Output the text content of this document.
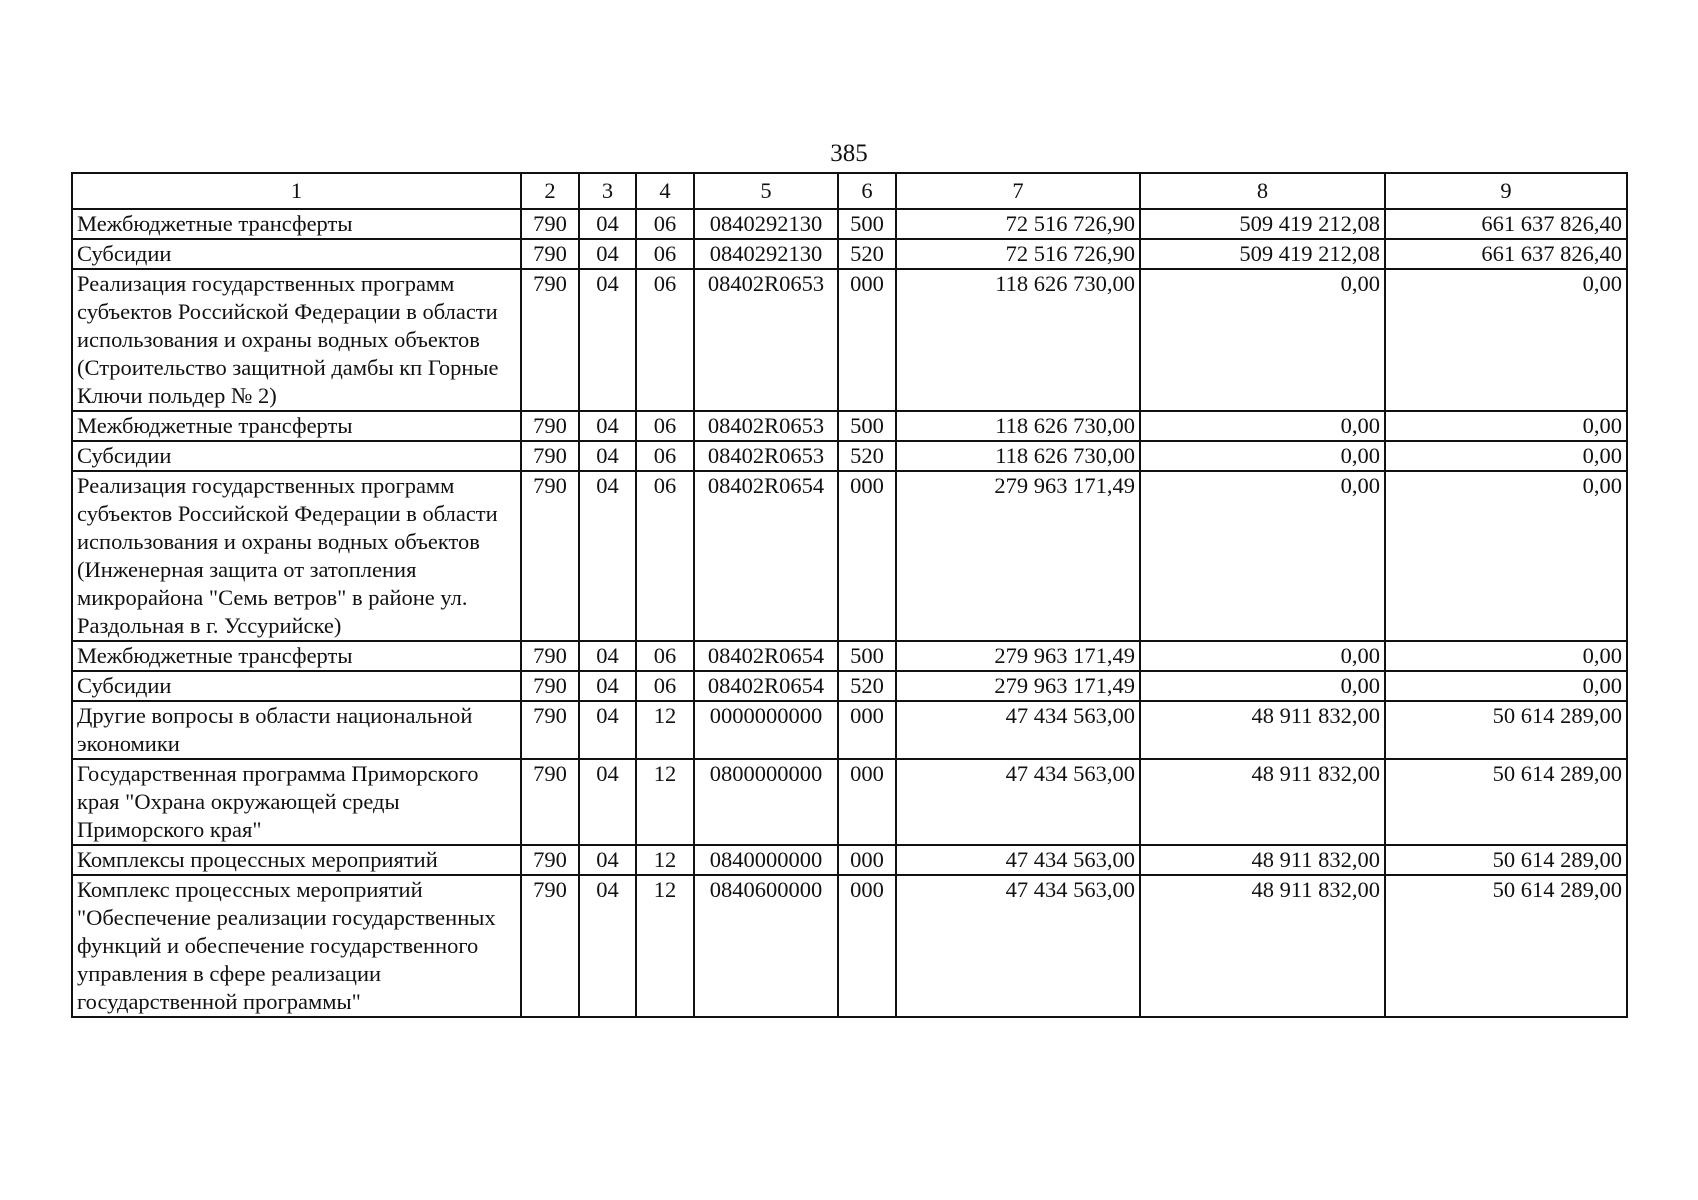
385
1	2	3	4	5	6	7	8	9
Межбюджетные трансферты	790	04	06	0840292130	500	72 516 726,90	509 419 212,08	661 637 826,40
Субсидии	790	04	06	0840292130	520	72 516 726,90	509 419 212,08	661 637 826,40
Реализация государственных программ субъектов Российской Федерации в области использования и охраны водных объектов (Строительство защитной дамбы кп Горные Ключи польдер № 2)	790	04	06	08402R0653	000	118 626 730,00	0,00	0,00
Межбюджетные трансферты	790	04	06	08402R0653	500	118 626 730,00	0,00	0,00
Субсидии	790	04	06	08402R0653	520	118 626 730,00	0,00	0,00
Реализация государственных программ субъектов Российской Федерации в области использования и охраны водных объектов (Инженерная защита от затопления микрорайона "Семь ветров" в районе ул. Раздольная в г. Уссурийске)	790	04	06	08402R0654	000	279 963 171,49	0,00	0,00
Межбюджетные трансферты	790	04	06	08402R0654	500	279 963 171,49	0,00	0,00
Субсидии	790	04	06	08402R0654	520	279 963 171,49	0,00	0,00
Другие вопросы в области национальной экономики	790	04	12	0000000000	000	47 434 563,00	48 911 832,00	50 614 289,00
Государственная программа Приморского края "Охрана окружающей среды Приморского края"	790	04	12	0800000000	000	47 434 563,00	48 911 832,00	50 614 289,00
Комплексы процессных мероприятий	790	04	12	0840000000	000	47 434 563,00	48 911 832,00	50 614 289,00
Комплекс процессных мероприятий "Обеспечение реализации государственных функций и обеспечение государственного управления в сфере реализации государственной программы"	790	04	12	0840600000	000	47 434 563,00	48 911 832,00	50 614 289,00
